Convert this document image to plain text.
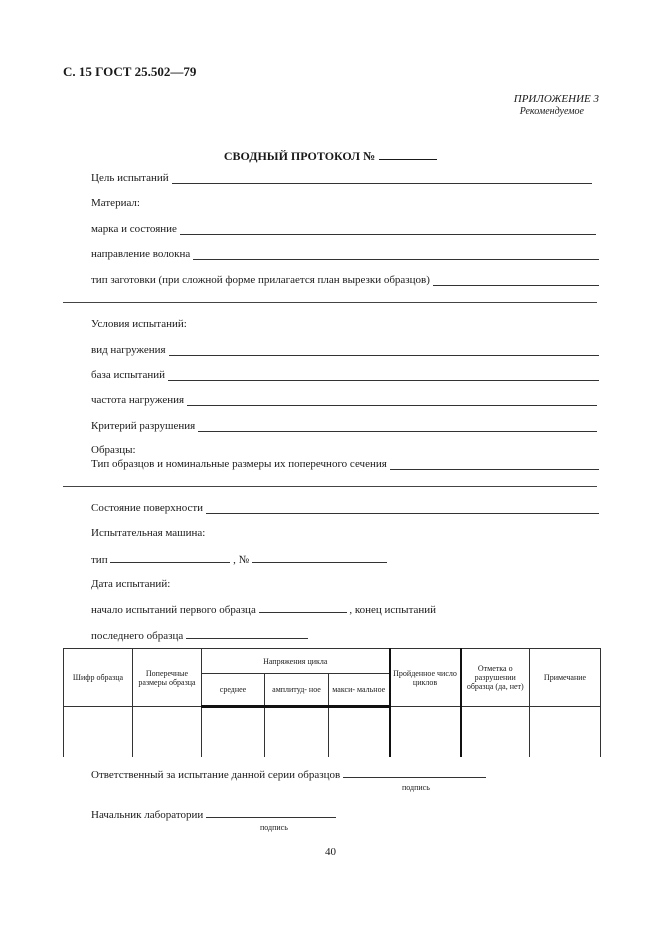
С. 15 ГОСТ 25.502—79
ПРИЛОЖЕНИЕ 3
Рекомендуемое
СВОДНЫЙ ПРОТОКОЛ №
Цель испытаний
Материал:
марка и состояние
направление волокна
тип заготовки (при сложной форме прилагается план вырезки образцов)
Условия испытаний:
вид нагружения
база испытаний
частота нагружения
Критерий разрушения
Образцы:
Тип образцов и номинальные размеры их поперечного сечения
Состояние поверхности
Испытательная машина:
тип	, №
Дата испытаний:
начало испытаний первого образца	, конец испытаний
последнего образца
Шифр образца	Поперечные размеры образца	Напряжения цикла			Пройденное число циклов	Отметка о разрушении образца (да, нет)	Примечание
		среднее	амплитуд- ное	макси- мальное			

Ответственный за испытание данной серии образцов
подпись
Начальник лаборатории
подпись
40
